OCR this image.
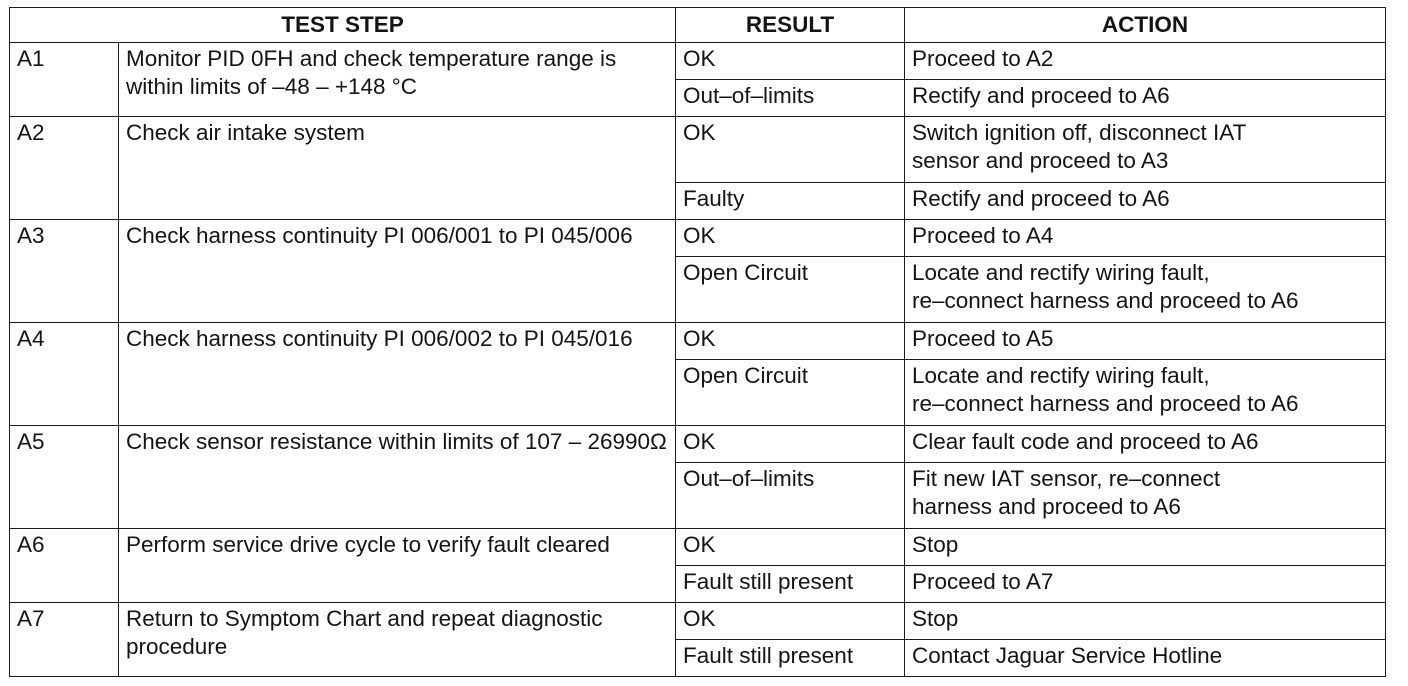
TEST STEP		RESULT	ACTION
A1	Monitor PID 0FH and check temperature range is within limits of –48 – +148 °C	OK	Proceed to A2
		Out–of–limits	Rectify and proceed to A6
A2	Check air intake system	OK	Switch ignition off, disconnect IAT
sensor and proceed to A3
		Faulty	Rectify and proceed to A6
A3	Check harness continuity PI 006/001 to PI 045/006	OK	Proceed to A4
		Open Circuit	Locate and rectify wiring fault,
re–connect harness and proceed to A6
A4	Check harness continuity PI 006/002 to PI 045/016	OK	Proceed to A5
		Open Circuit	Locate and rectify wiring fault,
re–connect harness and proceed to A6
A5	Check sensor resistance within limits of 107 – 26990Ω	OK	Clear fault code and proceed to A6
		Out–of–limits	Fit new IAT sensor, re–connect
harness and proceed to A6
A6	Perform service drive cycle to verify fault cleared	OK	Stop
		Fault still present	Proceed to A7
A7	Return to Symptom Chart and repeat diagnostic procedure	OK	Stop
		Fault still present	Contact Jaguar Service Hotline
